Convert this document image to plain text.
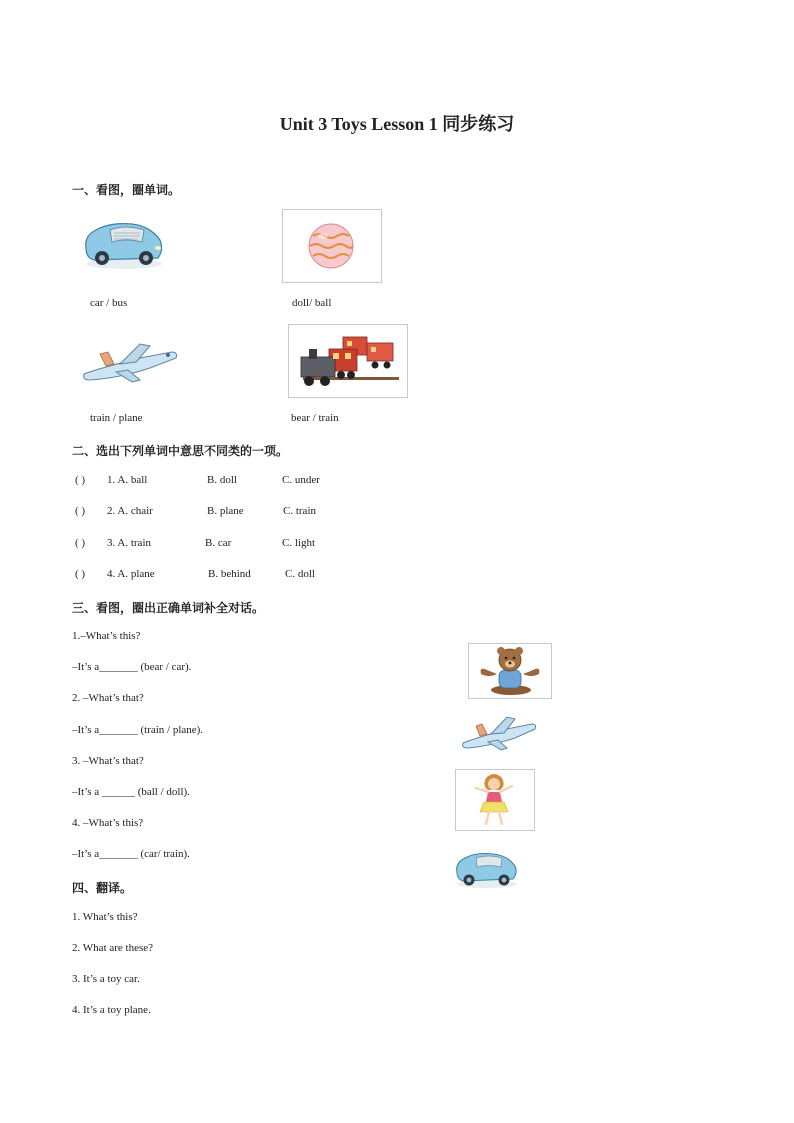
Unit 3 Toys Lesson 1 同步练习
一、看图，圈单词。
car / bus	doll/ ball
train / plane	bear / train
二、选出下列单词中意思不同类的一项。
( ) 1. A. ball	B. doll	C. under
( ) 2. A. chair	B. plane	C. train
( ) 3. A. train	B. car	C. light
( ) 4. A. plane	B. behind	C. doll
三、看图，圈出正确单词补全对话。
1.–What’s this?
–It’s a_______ (bear / car).
2. –What’s that?
–It’s a_______ (train / plane).
3. –What’s that?
–It’s a ______ (ball / doll).
4. –What’s this?
–It’s a_______ (car/ train).
四、翻译。
1. What’s this?
2. What are these?
3. It’s a toy car.
4. It’s a toy plane.
